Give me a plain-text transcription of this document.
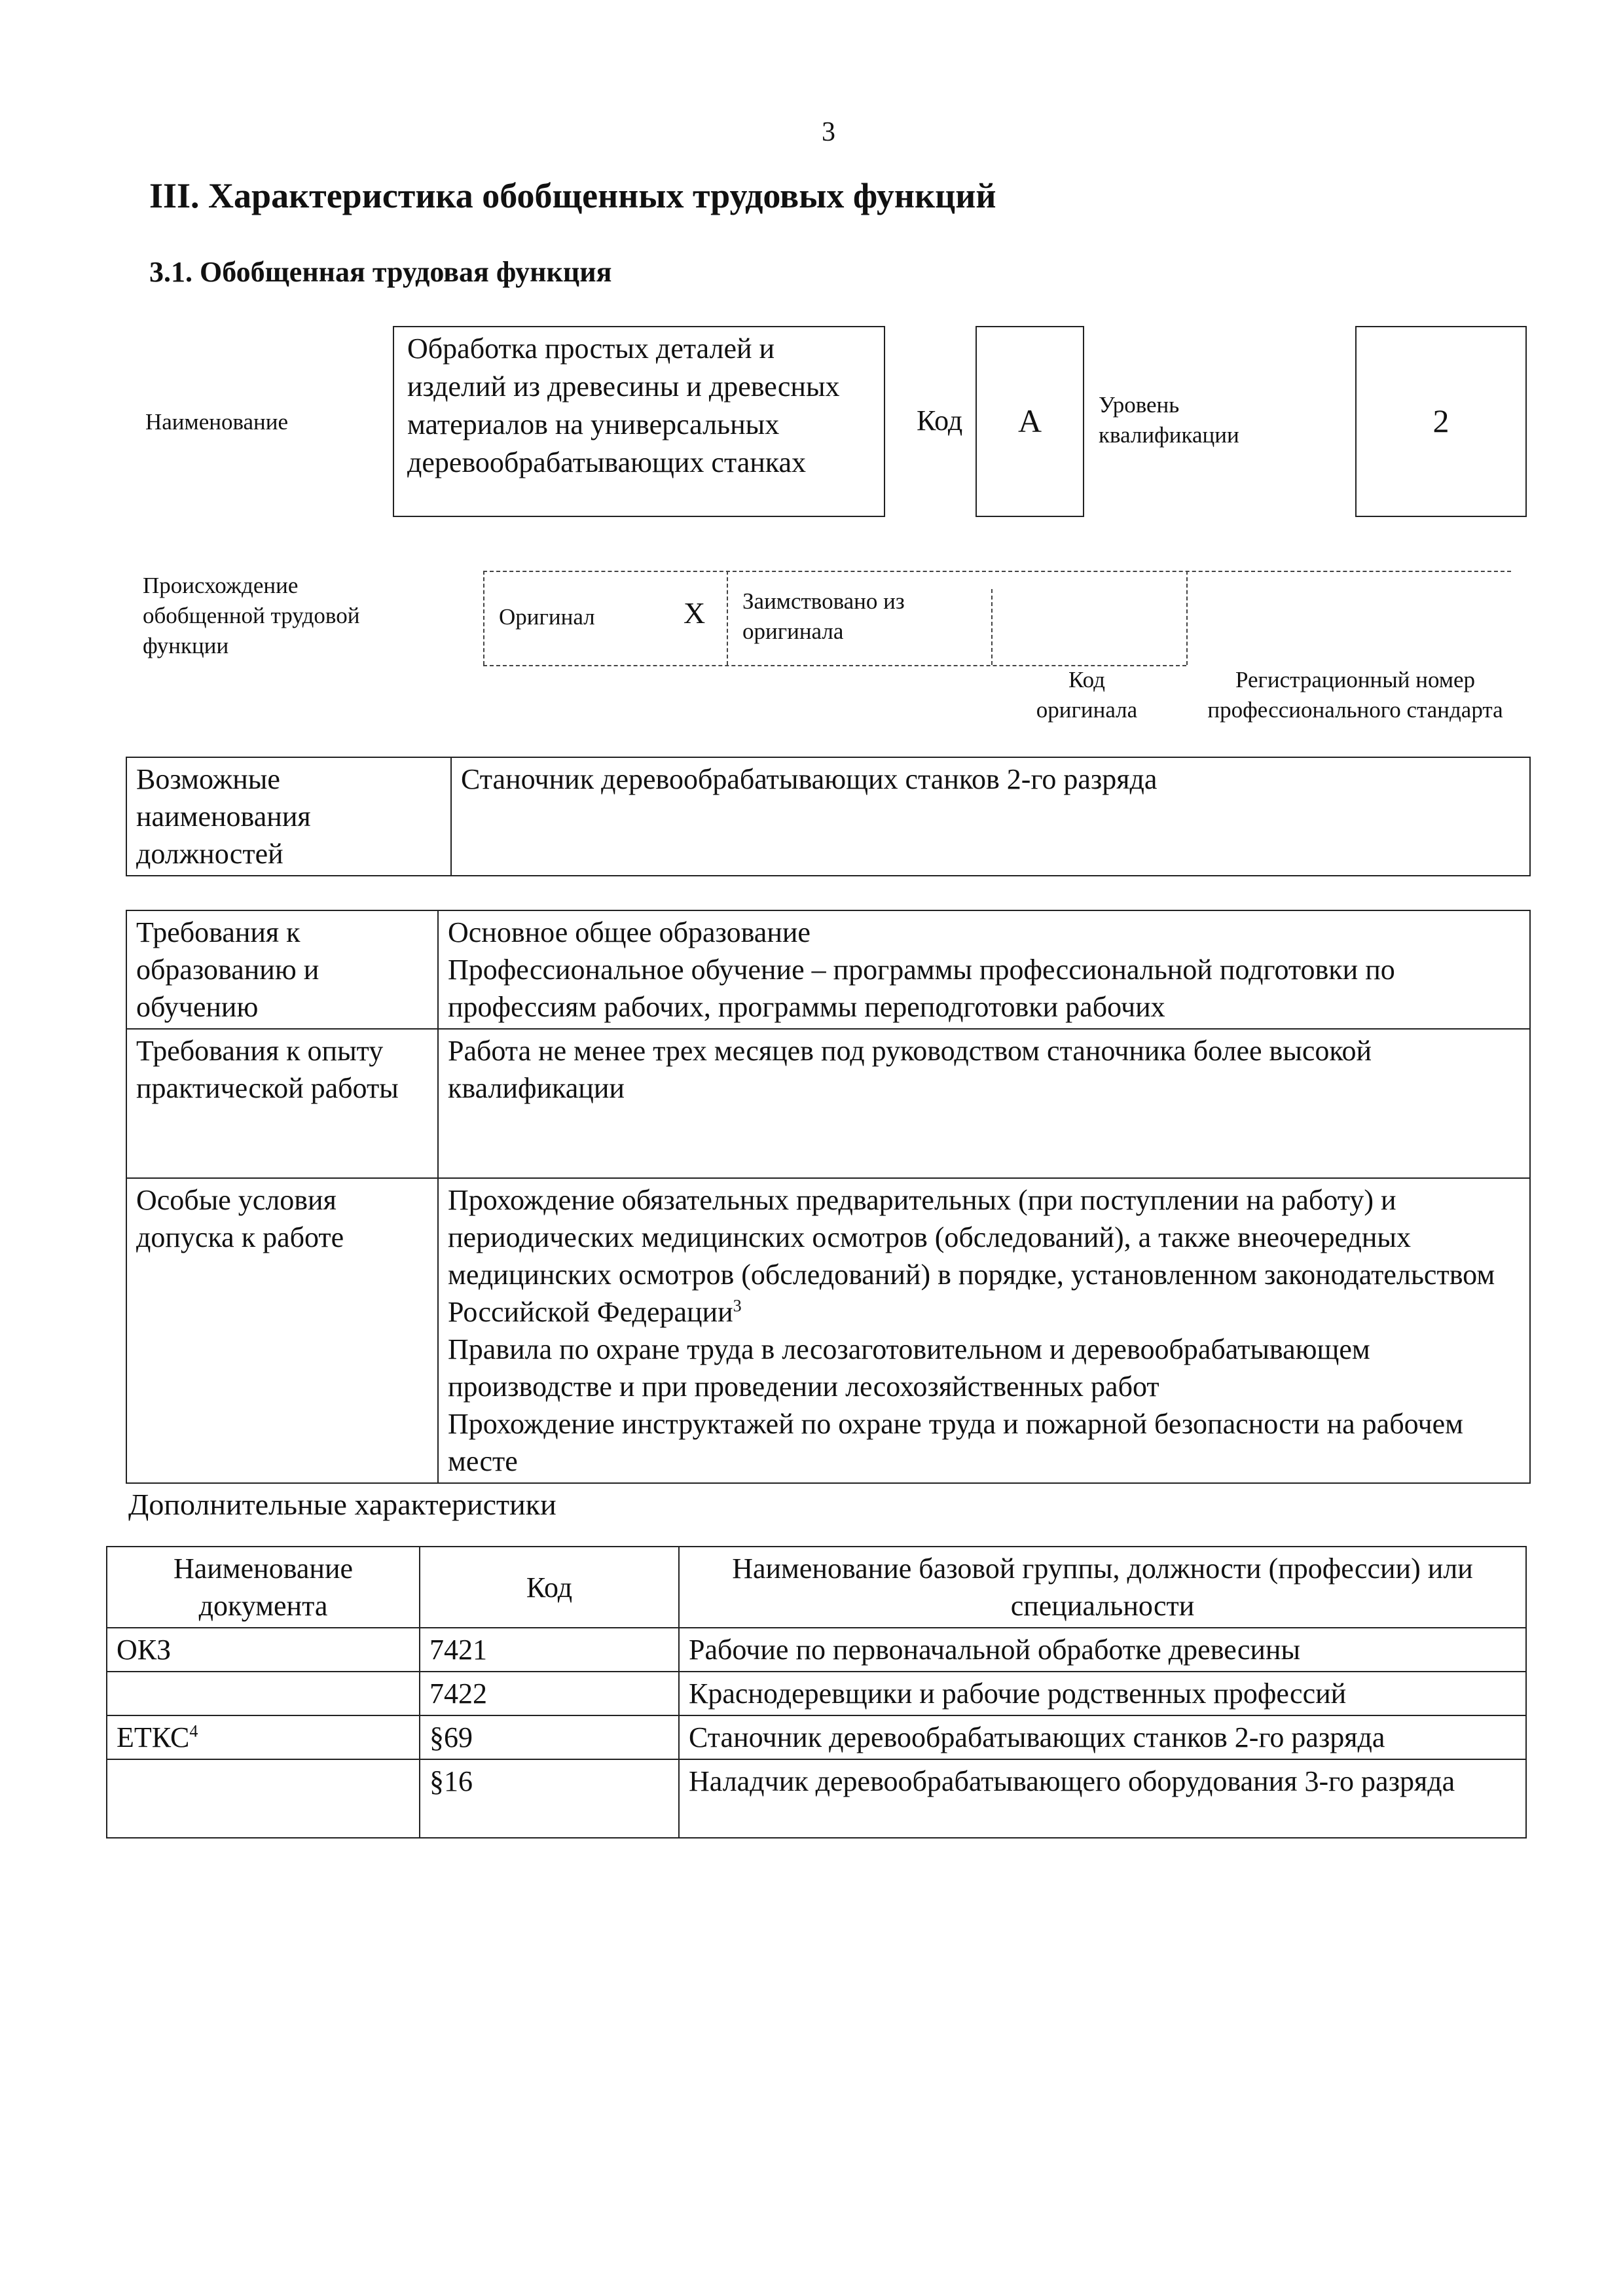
3
III. Характеристика обобщенных трудовых функций
3.1. Обобщенная трудовая функция
Наименование
Обработка простых деталей и изделий из древесины и древесных материалов на универсальных деревообрабатывающих станках
Код	А	Уровень квалификации	2
Происхождение обобщенной трудовой функции
Оригинал	X Заимствовано из оригинала
Код оригинала
Регистрационный номер профессионального стандарта
Возможные наименования должностей	Станочник деревообрабатывающих станков 2-го разряда
Требования к образованию и обучению	Основное общее образование
Профессиональное обучение – программы профессиональной подготовки по профессиям рабочих, программы переподготовки рабочих

Требования к опыту практической работы	Работа не менее трех месяцев под руководством станочника более высокой квалификации

Особые условия допуска к работе	Прохождение обязательных предварительных (при поступлении на работу) и периодических медицинских осмотров (обследований), а также внеочередных медицинских осмотров (обследований) в порядке, установленном законодательством Российской Федерации$^3$
Правила по охране труда в лесозаготовительном и деревообрабатывающем производстве и при проведении лесохозяйственных работ
Прохождение инструктажей по охране труда и пожарной безопасности на рабочем месте
Дополнительные характеристики
Наименование документа	Код	Наименование базовой группы, должности (профессии) или специальности
ОКЗ	7421	Рабочие по первоначальной обработке древесины
	7422	Краснодеревщики и рабочие родственных профессий
ЕТКС$^4$	§69	Станочник деревообрабатывающих станков 2-го разряда
	§16	Наладчик деревообрабатывающего оборудования 3-го разряда
